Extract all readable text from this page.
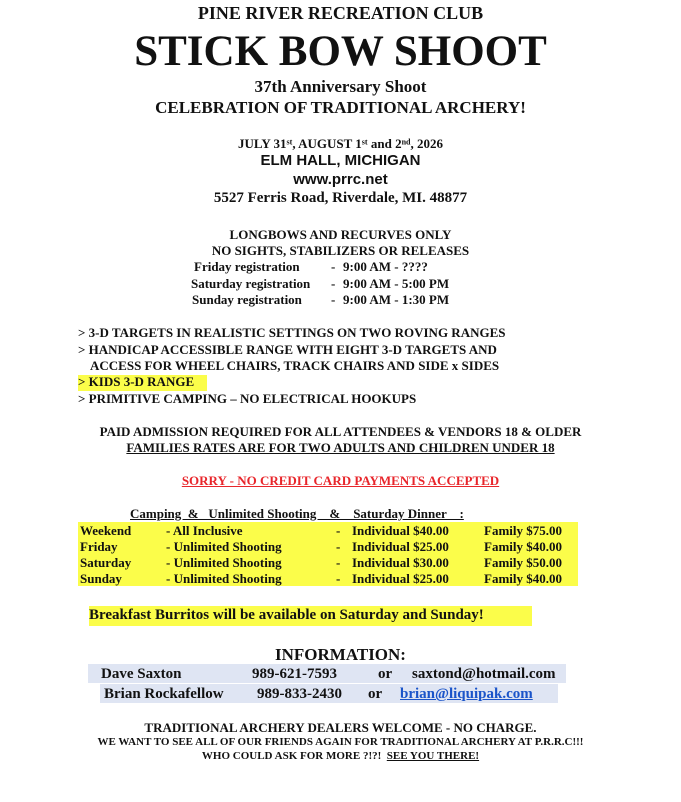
PINE RIVER RECREATION CLUB
STICK BOW SHOOT
37th Anniversary Shoot
CELEBRATION OF TRADITIONAL ARCHERY!
JULY 31st, AUGUST 1st and 2nd, 2026
ELM HALL, MICHIGAN
www.prrc.net
5527 Ferris Road, Riverdale, MI. 48877
LONGBOWS AND RECURVES ONLY
NO SIGHTS, STABILIZERS OR RELEASES
Friday registration - 9:00 AM - ????
Saturday registration - 9:00 AM - 5:00 PM
Sunday registration - 9:00 AM - 1:30 PM
> 3-D TARGETS IN REALISTIC SETTINGS ON TWO ROVING RANGES
> HANDICAP ACCESSIBLE RANGE WITH EIGHT 3-D TARGETS AND
ACCESS FOR WHEEL CHAIRS, TRACK CHAIRS AND SIDE x SIDES
> KIDS 3-D RANGE
> PRIMITIVE CAMPING – NO ELECTRICAL HOOKUPS
PAID ADMISSION REQUIRED FOR ALL ATTENDEES & VENDORS 18 & OLDER
FAMILIES RATES ARE FOR TWO ADULTS AND CHILDREN UNDER 18
SORRY - NO CREDIT CARD PAYMENTS ACCEPTED
Camping  &   Unlimited Shooting    &    Saturday Dinner    :
Weekend	- All Inclusive	- Individual $40.00	Family $75.00
Friday	- Unlimited Shooting	- Individual $25.00	Family $40.00
Saturday	- Unlimited Shooting	- Individual $30.00	Family $50.00
Sunday	- Unlimited Shooting	- Individual $25.00	Family $40.00
Breakfast Burritos will be available on Saturday and Sunday!
INFORMATION:
Dave Saxton	989-621-7593	or saxtond@hotmail.com
Brian Rockafellow 989-833-2430 or brian@liquipak.com
TRADITIONAL ARCHERY DEALERS WELCOME - NO CHARGE.
WE WANT TO SEE ALL OF OUR FRIENDS AGAIN FOR TRADITIONAL ARCHERY AT P.R.R.C!!!
WHO COULD ASK FOR MORE ?!?! SEE YOU THERE!
